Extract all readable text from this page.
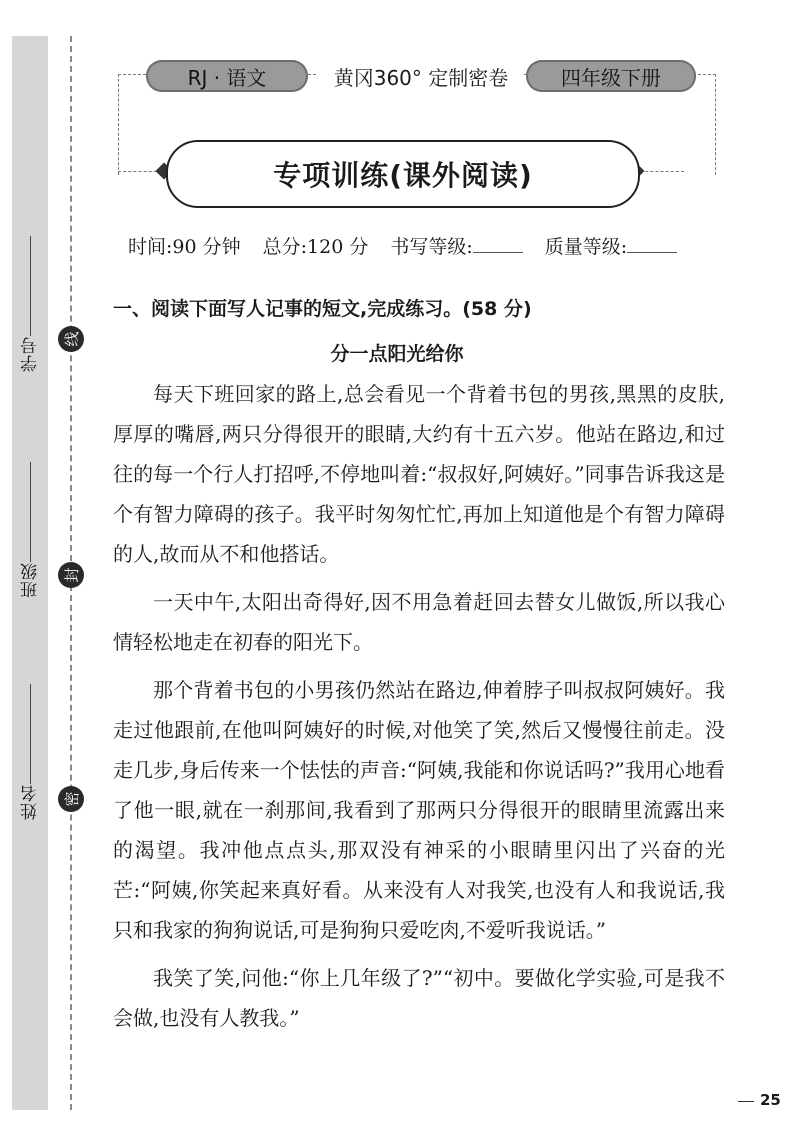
学号
班级
姓名
线
封
密
RJ · 语文	黄冈360° 定制密卷	四年级下册
专项训练(课外阅读)
时间:90 分钟 总分:120 分 书写等级:	质量等级:
一、阅读下面写人记事的短文,完成练习。(58 分)
分一点阳光给你

每天下班回家的路上,总会看见一个背着书包的男孩,黑黑的皮肤,厚厚的嘴唇,两只分得很开的眼睛,大约有十五六岁。他站在路边,和过往的每一个行人打招呼,不停地叫着:“叔叔好,阿姨好。”同事告诉我这是个有智力障碍的孩子。我平时匆匆忙忙,再加上知道他是个有智力障碍的人,故而从不和他搭话。

一天中午,太阳出奇得好,因不用急着赶回去替女儿做饭,所以我心情轻松地走在初春的阳光下。

那个背着书包的小男孩仍然站在路边,伸着脖子叫叔叔阿姨好。我走过他跟前,在他叫阿姨好的时候,对他笑了笑,然后又慢慢往前走。没走几步,身后传来一个怯怯的声音:“阿姨,我能和你说话吗?”我用心地看了他一眼,就在一刹那间,我看到了那两只分得很开的眼睛里流露出来的渴望。我冲他点点头,那双没有神采的小眼睛里闪出了兴奋的光芒:“阿姨,你笑起来真好看。从来没有人对我笑,也没有人和我说话,我只和我家的狗狗说话,可是狗狗只爱吃肉,不爱听我说话。”

我笑了笑,问他:“你上几年级了?”“初中。要做化学实验,可是我不会做,也没有人教我。”

25
